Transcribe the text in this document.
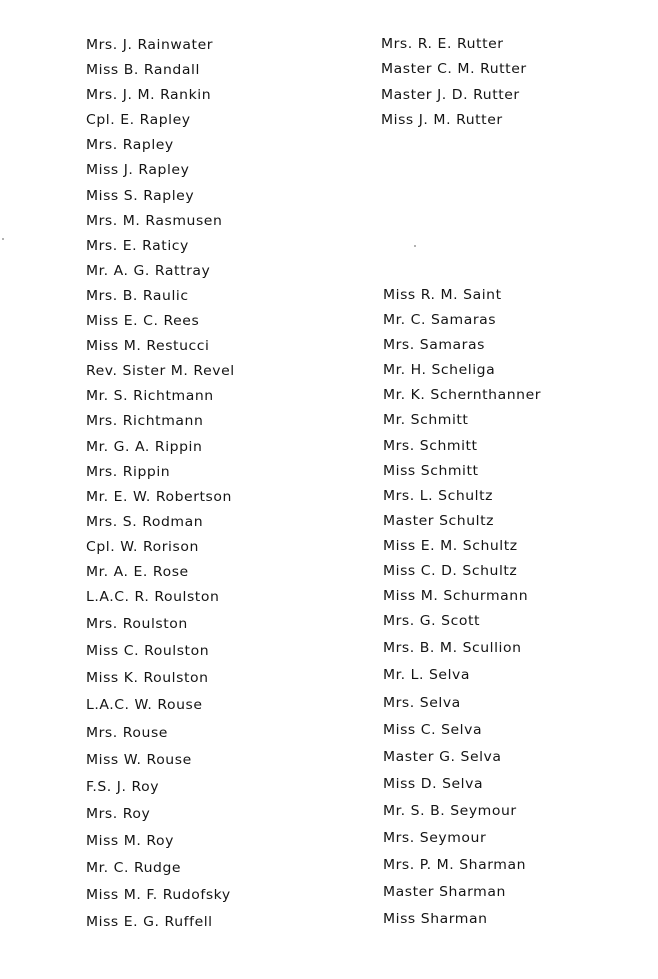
Mrs. J. Rainwater
Miss B. Randall
Mrs. J. M. Rankin
Cpl. E. Rapley
Mrs. Rapley
Miss J. Rapley
Miss S. Rapley
Mrs. M. Rasmusen
Mrs. E. Raticy
Mr. A. G. Rattray
Mrs. B. Raulic
Miss E. C. Rees
Miss M. Restucci
Rev. Sister M. Revel
Mr. S. Richtmann
Mrs. Richtmann
Mr. G. A. Rippin
Mrs. Rippin
Mr. E. W. Robertson
Mrs. S. Rodman
Cpl. W. Rorison
Mr. A. E. Rose
L.A.C. R. Roulston
Mrs. Roulston
Miss C. Roulston
Miss K. Roulston
L.A.C. W. Rouse
Mrs. Rouse
Miss W. Rouse
F.S. J. Roy
Mrs. Roy
Miss M. Roy
Mr. C. Rudge
Miss M. F. Rudofsky
Miss E. G. Ruffell
Mrs. R. E. Rutter
Master C. M. Rutter
Master J. D. Rutter
Miss J. M. Rutter
Miss R. M. Saint
Mr. C. Samaras
Mrs. Samaras
Mr. H. Scheliga
Mr. K. Schernthanner
Mr. Schmitt
Mrs. Schmitt
Miss Schmitt
Mrs. L. Schultz
Master Schultz
Miss E. M. Schultz
Miss C. D. Schultz
Miss M. Schurmann
Mrs. G. Scott
Mrs. B. M. Scullion
Mr. L. Selva
Mrs. Selva
Miss C. Selva
Master G. Selva
Miss D. Selva
Mr. S. B. Seymour
Mrs. Seymour
Mrs. P. M. Sharman
Master Sharman
Miss Sharman
